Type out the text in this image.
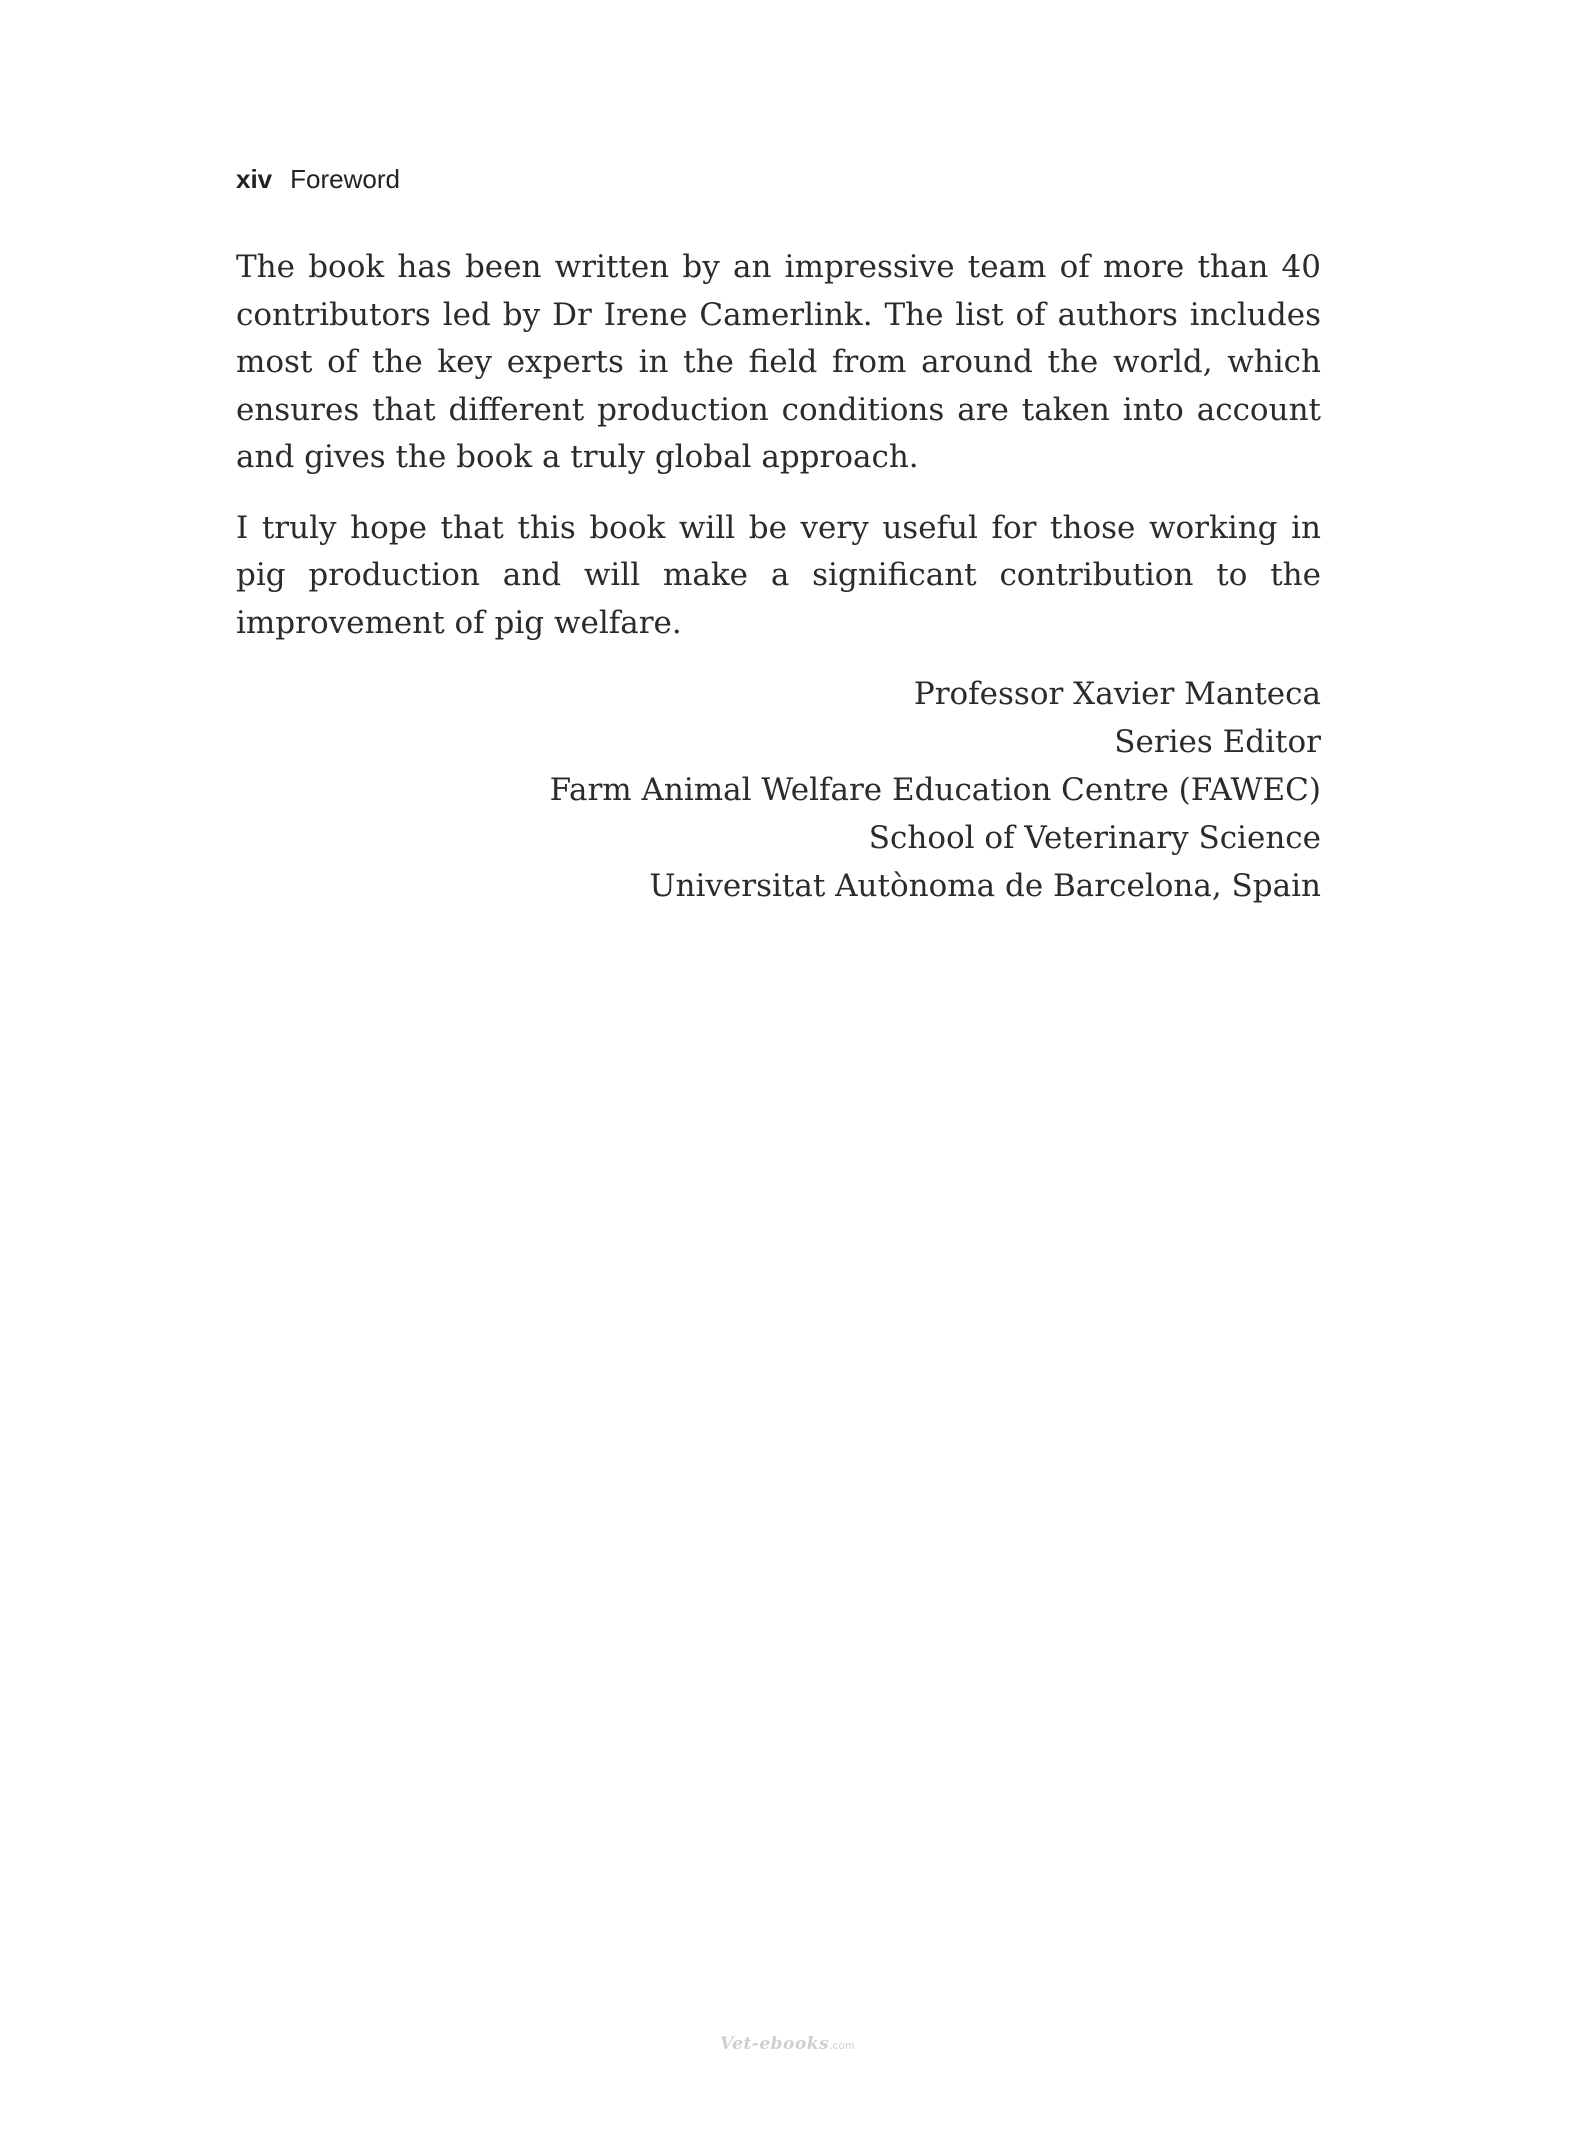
xiv Foreword

The book has been written by an impressive team of more than 40 contributors led by Dr Irene Camerlink. The list of authors includes most of the key experts in the field from around the world, which ensures that different production conditions are taken into account and gives the book a truly global approach.

I truly hope that this book will be very useful for those working in pig production and will make a significant contribution to the improvement of pig welfare.

Professor Xavier Manteca
Series Editor
Farm Animal Welfare Education Centre (FAWEC)
School of Veterinary Science
Universitat Autònoma de Barcelona, Spain
Vet-ebooks.com
